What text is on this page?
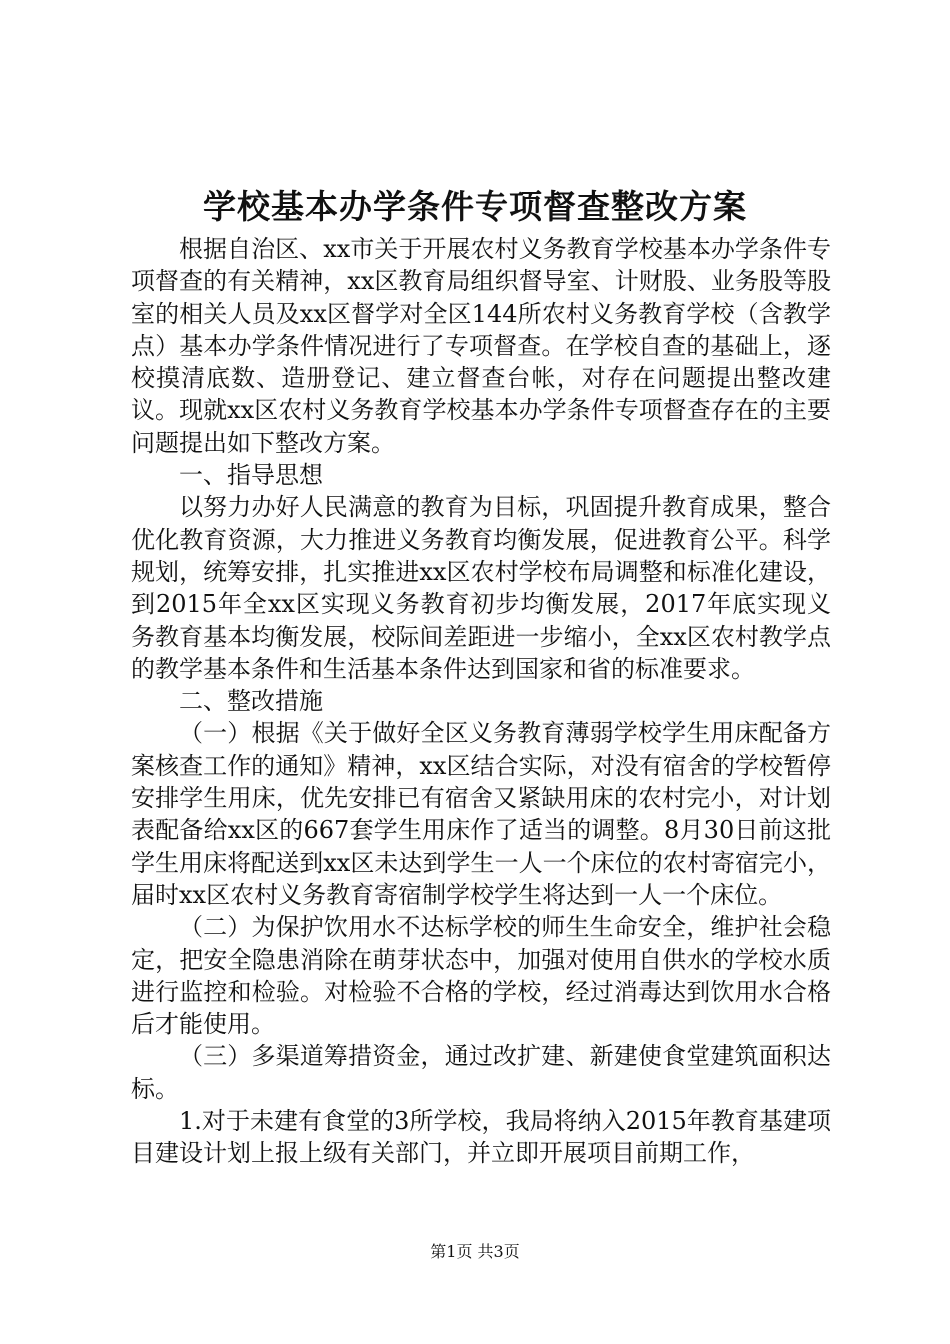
学校基本办学条件专项督查整改方案

根据自治区、xx市关于开展农村义务教育学校基本办学条件专项督查的有关精神，xx区教育局组织督导室、计财股、业务股等股室的相关人员及xx区督学对全区144所农村义务教育学校（含教学点）基本办学条件情况进行了专项督查。在学校自查的基础上，逐校摸清底数、造册登记、建立督查台帐，对存在问题提出整改建议。现就xx区农村义务教育学校基本办学条件专项督查存在的主要问题提出如下整改方案。

一、指导思想

以努力办好人民满意的教育为目标，巩固提升教育成果，整合优化教育资源，大力推进义务教育均衡发展，促进教育公平。科学规划，统筹安排，扎实推进xx区农村学校布局调整和标准化建设，到2015年全xx区实现义务教育初步均衡发展，2017年底实现义务教育基本均衡发展，校际间差距进一步缩小，全xx区农村教学点的教学基本条件和生活基本条件达到国家和省的标准要求。

二、整改措施

（一）根据《关于做好全区义务教育薄弱学校学生用床配备方案核查工作的通知》精神，xx区结合实际，对没有宿舍的学校暂停安排学生用床，优先安排已有宿舍又紧缺用床的农村完小，对计划表配备给xx区的667套学生用床作了适当的调整。8月30日前这批学生用床将配送到xx区未达到学生一人一个床位的农村寄宿完小，届时xx区农村义务教育寄宿制学校学生将达到一人一个床位。

（二）为保护饮用水不达标学校的师生生命安全，维护社会稳定，把安全隐患消除在萌芽状态中，加强对使用自供水的学校水质进行监控和检验。对检验不合格的学校，经过消毒达到饮用水合格后才能使用。

（三）多渠道筹措资金，通过改扩建、新建使食堂建筑面积达标。

1.对于未建有食堂的3所学校，我局将纳入2015年教育基建项目建设计划上报上级有关部门，并立即开展项目前期工作，

第1页 共3页
